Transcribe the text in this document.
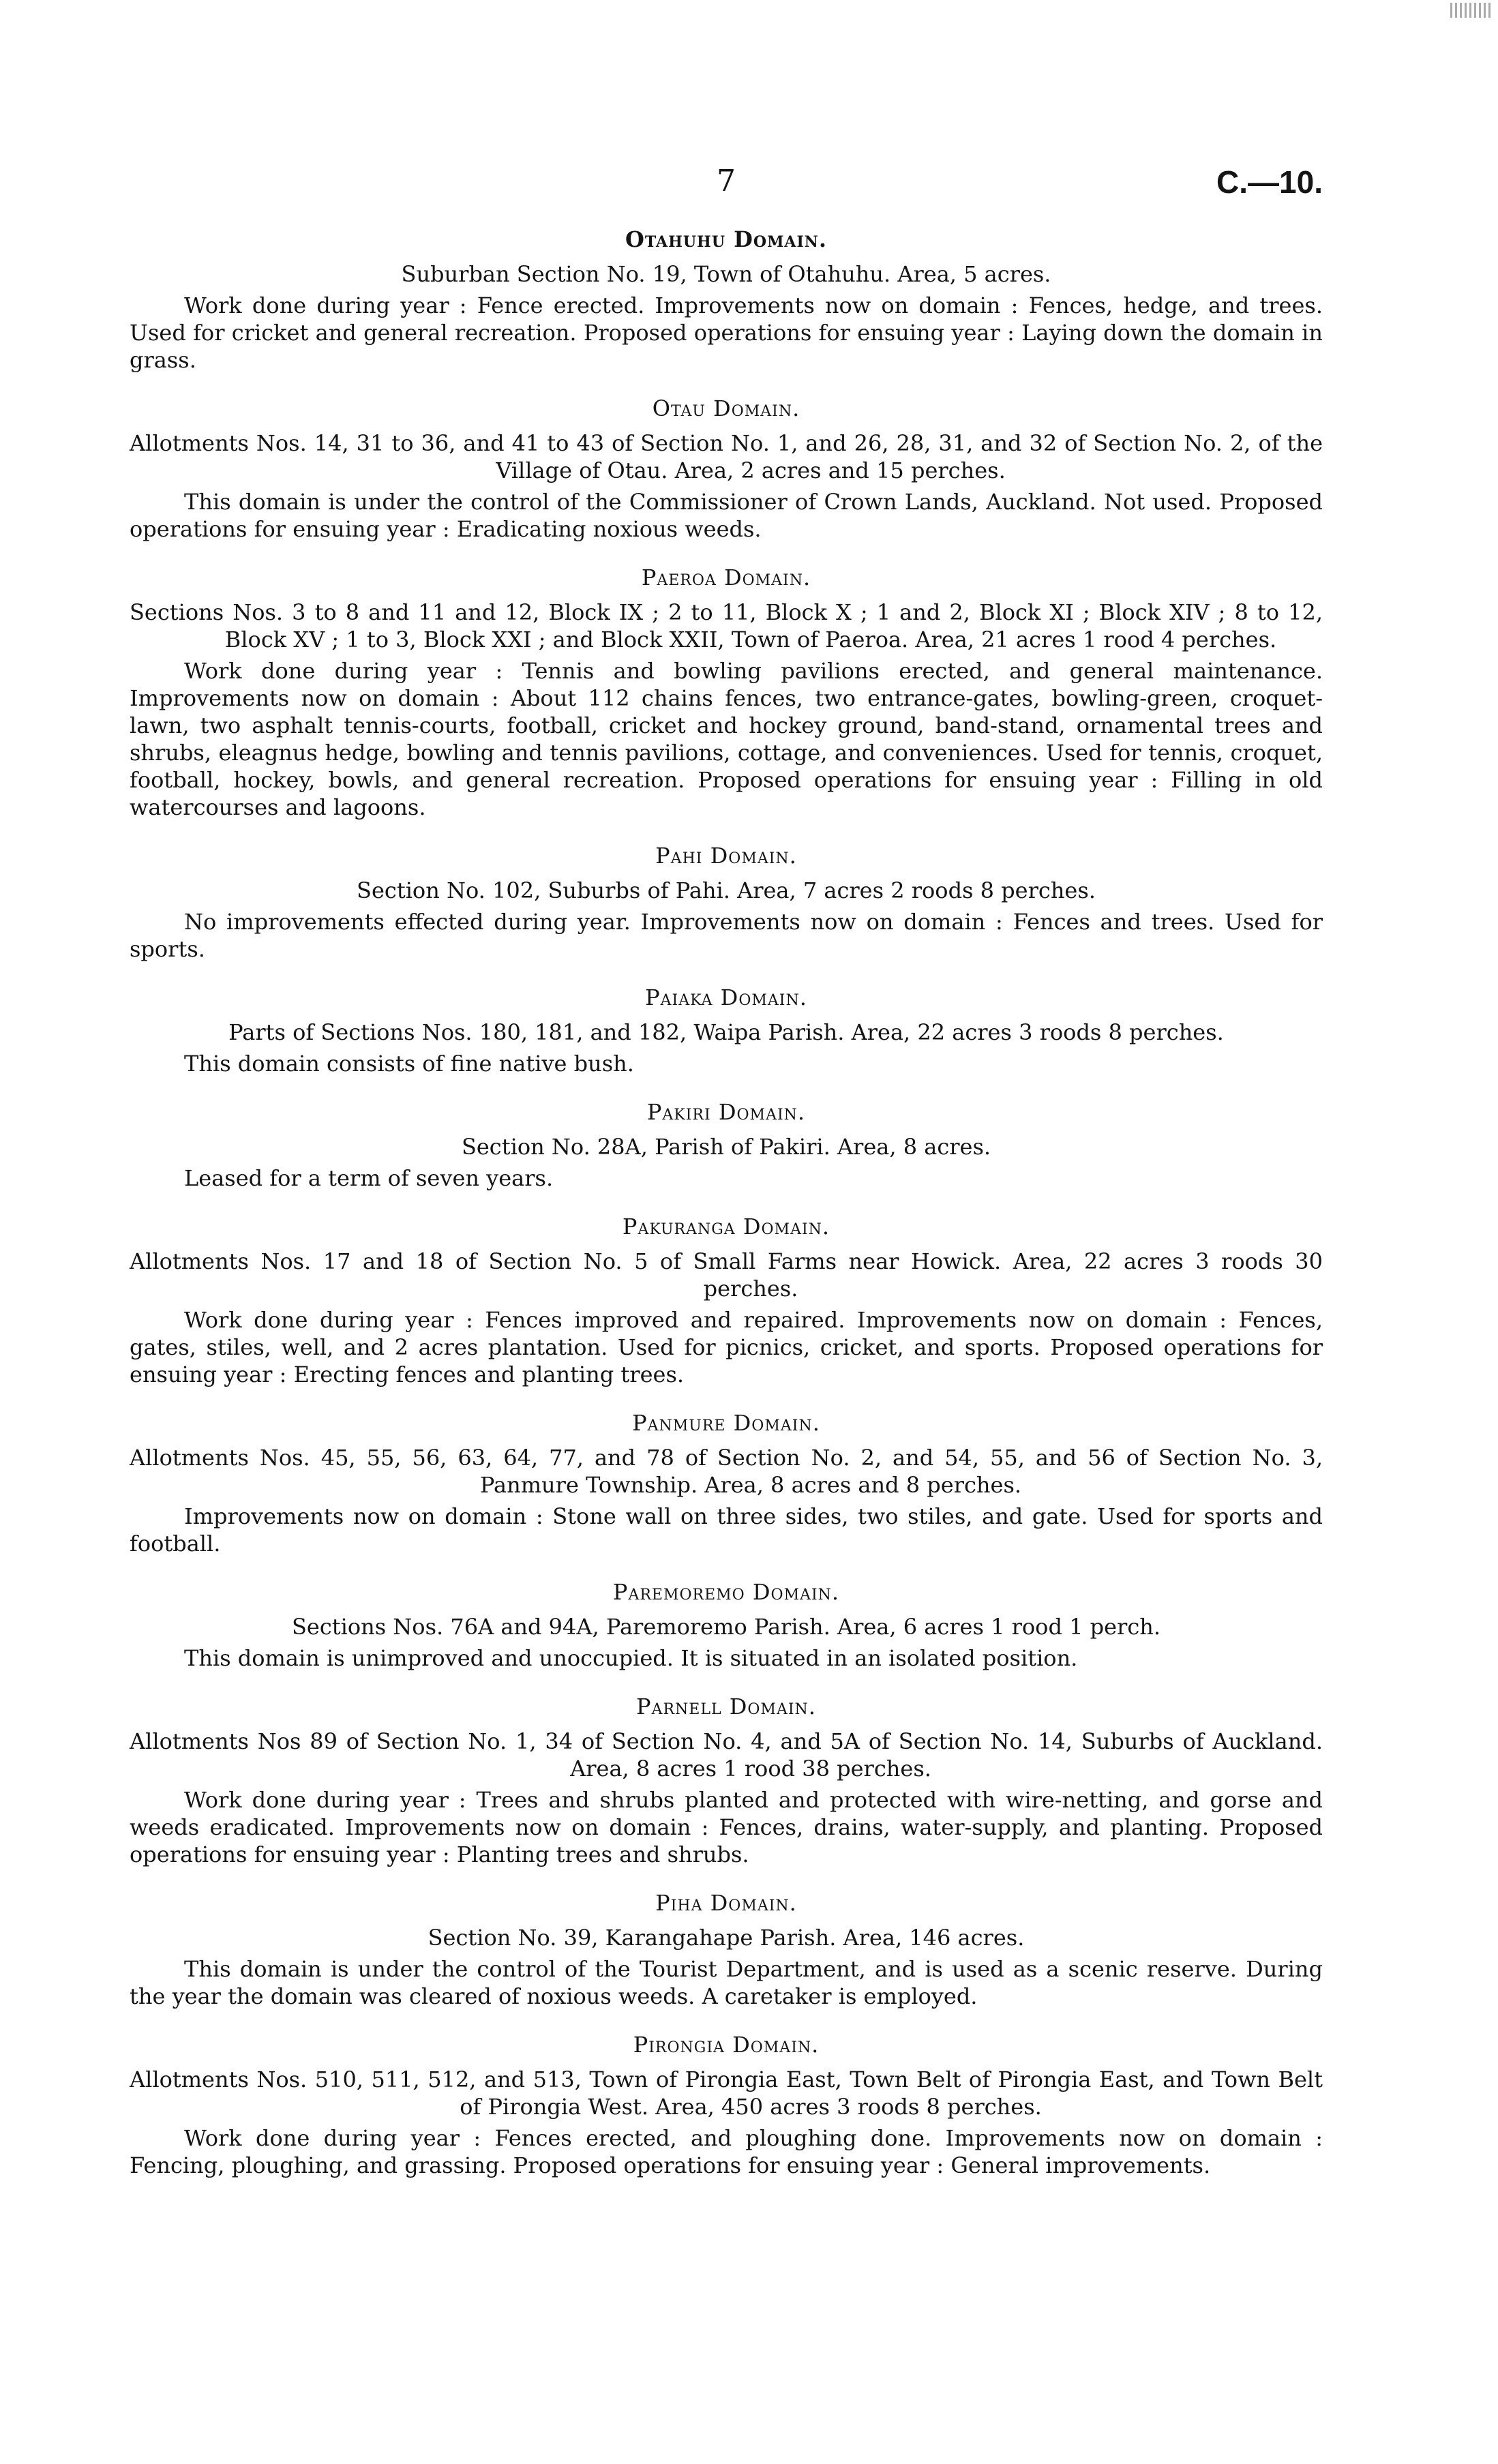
7	C.—10.
Otahuhu Domain.
Suburban Section No. 19, Town of Otahuhu. Area, 5 acres.

Work done during year : Fence erected. Improvements now on domain : Fences, hedge, and trees. Used for cricket and general recreation. Proposed operations for ensuing year : Laying down the domain in grass.

Otau Domain.
Allotments Nos. 14, 31 to 36, and 41 to 43 of Section No. 1, and 26, 28, 31, and 32 of Section No. 2, of the Village of Otau. Area, 2 acres and 15 perches.

This domain is under the control of the Commissioner of Crown Lands, Auckland. Not used. Proposed operations for ensuing year : Eradicating noxious weeds.

Paeroa Domain.
Sections Nos. 3 to 8 and 11 and 12, Block IX ; 2 to 11, Block X ; 1 and 2, Block XI ; Block XIV ; 8 to 12, Block XV ; 1 to 3, Block XXI ; and Block XXII, Town of Paeroa. Area, 21 acres 1 rood 4 perches.

Work done during year : Tennis and bowling pavilions erected, and general maintenance. Improvements now on domain : About 112 chains fences, two entrance-gates, bowling-green, croquet-lawn, two asphalt tennis-courts, football, cricket and hockey ground, band-stand, ornamental trees and shrubs, eleagnus hedge, bowling and tennis pavilions, cottage, and conveniences. Used for tennis, croquet, football, hockey, bowls, and general recreation. Proposed operations for ensuing year : Filling in old watercourses and lagoons.

Pahi Domain.
Section No. 102, Suburbs of Pahi. Area, 7 acres 2 roods 8 perches.

No improvements effected during year. Improvements now on domain : Fences and trees. Used for sports.

Paiaka Domain.
Parts of Sections Nos. 180, 181, and 182, Waipa Parish. Area, 22 acres 3 roods 8 perches.

This domain consists of fine native bush.

Pakiri Domain.
Section No. 28A, Parish of Pakiri. Area, 8 acres.

Leased for a term of seven years.

Pakuranga Domain.
Allotments Nos. 17 and 18 of Section No. 5 of Small Farms near Howick. Area, 22 acres 3 roods 30 perches.

Work done during year : Fences improved and repaired. Improvements now on domain : Fences, gates, stiles, well, and 2 acres plantation. Used for picnics, cricket, and sports. Proposed operations for ensuing year : Erecting fences and planting trees.

Panmure Domain.
Allotments Nos. 45, 55, 56, 63, 64, 77, and 78 of Section No. 2, and 54, 55, and 56 of Section No. 3, Panmure Township. Area, 8 acres and 8 perches.

Improvements now on domain : Stone wall on three sides, two stiles, and gate. Used for sports and football.

Paremoremo Domain.
Sections Nos. 76A and 94A, Paremoremo Parish. Area, 6 acres 1 rood 1 perch.

This domain is unimproved and unoccupied. It is situated in an isolated position.

Parnell Domain.
Allotments Nos 89 of Section No. 1, 34 of Section No. 4, and 5A of Section No. 14, Suburbs of Auckland. Area, 8 acres 1 rood 38 perches.

Work done during year : Trees and shrubs planted and protected with wire-netting, and gorse and weeds eradicated. Improvements now on domain : Fences, drains, water-supply, and planting. Proposed operations for ensuing year : Planting trees and shrubs.

Piha Domain.
Section No. 39, Karangahape Parish. Area, 146 acres.

This domain is under the control of the Tourist Department, and is used as a scenic reserve. During the year the domain was cleared of noxious weeds. A caretaker is employed.

Pirongia Domain.
Allotments Nos. 510, 511, 512, and 513, Town of Pirongia East, Town Belt of Pirongia East, and Town Belt of Pirongia West. Area, 450 acres 3 roods 8 perches.

Work done during year : Fences erected, and ploughing done. Improvements now on domain : Fencing, ploughing, and grassing. Proposed operations for ensuing year : General improvements.
